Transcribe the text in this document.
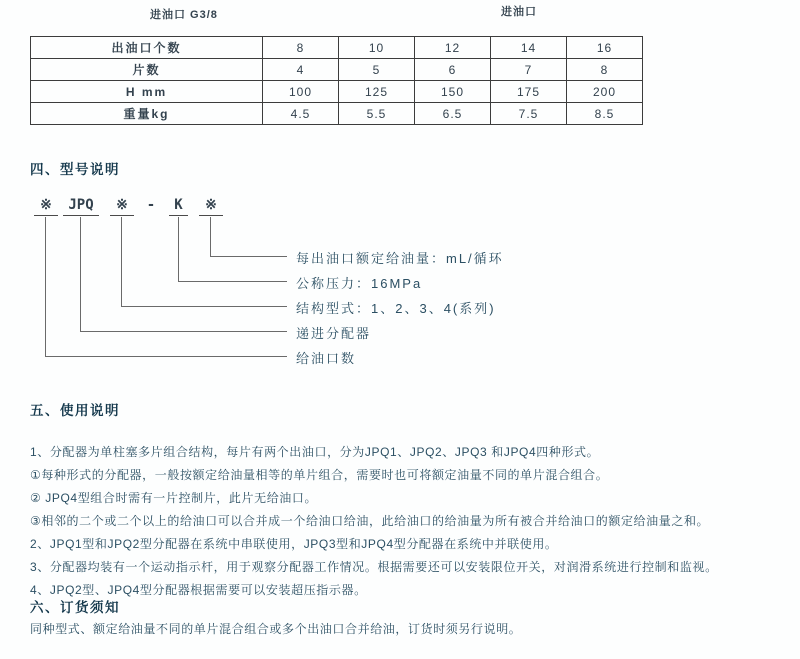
进油口 G3/8	进油口
出油口个数	8	10	12	14	16
片数	4	5	6	7	8
H mm	100	125	150	175	200
重量kg	4.5	5.5	6.5	7.5	8.5
四、型号说明
※	JPQ	※	-	K	※
每出油口额定给油量：mL/循环
公称压力：16MPa
结构型式：1、2、3、4(系列)
递进分配器
给油口数
五、使用说明
1、分配器为单柱塞多片组合结构，每片有两个出油口，分为JPQ1、JPQ2、JPQ3 和JPQ4四种形式。
①每种形式的分配器，一般按额定给油量相等的单片组合，需要时也可将额定油量不同的单片混合组合。
② JPQ4型组合时需有一片控制片，此片无给油口。
③相邻的二个或二个以上的给油口可以合并成一个给油口给油，此给油口的给油量为所有被合并给油口的额定给油量之和。
2、JPQ1型和JPQ2型分配器在系统中串联使用，JPQ3型和JPQ4型分配器在系统中并联使用。
3、分配器均装有一个运动指示杆，用于观察分配器工作情况。根据需要还可以安装限位开关，对润滑系统进行控制和监视。
4、JPQ2型、JPQ4型分配器根据需要可以安装超压指示器。
六、订货须知
同种型式、额定给油量不同的单片混合组合或多个出油口合并给油，订货时须另行说明。
